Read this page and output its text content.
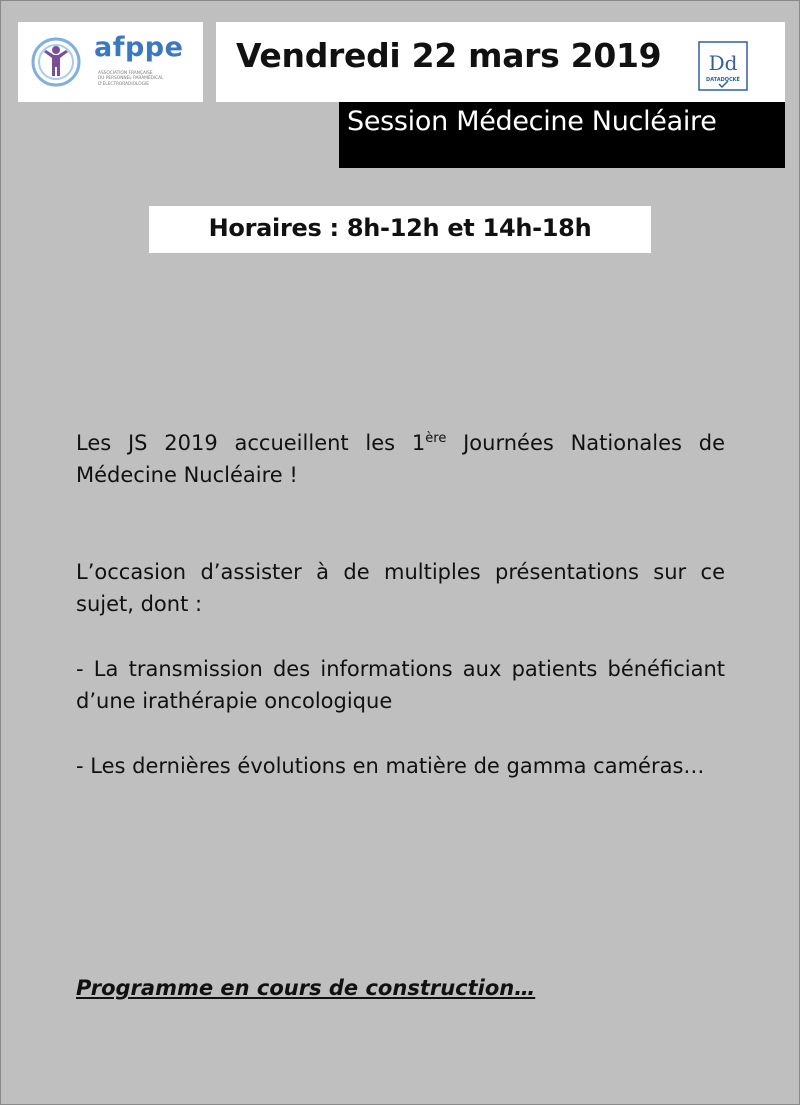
afppe
ASSOCIATION FRANÇAISE
DU PERSONNEL PARAMÉDICAL
D'ÉLECTRORADIOLOGIE
Vendredi 22 mars 2019 Dd
DATADOCKÉ
Session Médecine Nucléaire
Horaires : 8h-12h et 14h-18h

Les JS 2019 accueillent les 1ère Journées Nationales de Médecine Nucléaire !

L’occasion d’assister à de multiples présentations sur ce sujet, dont :

- La transmission des informations aux patients bénéficiant d’une irathérapie oncologique

- Les dernières évolutions en matière de gamma caméras…

Programme en cours de construction…
